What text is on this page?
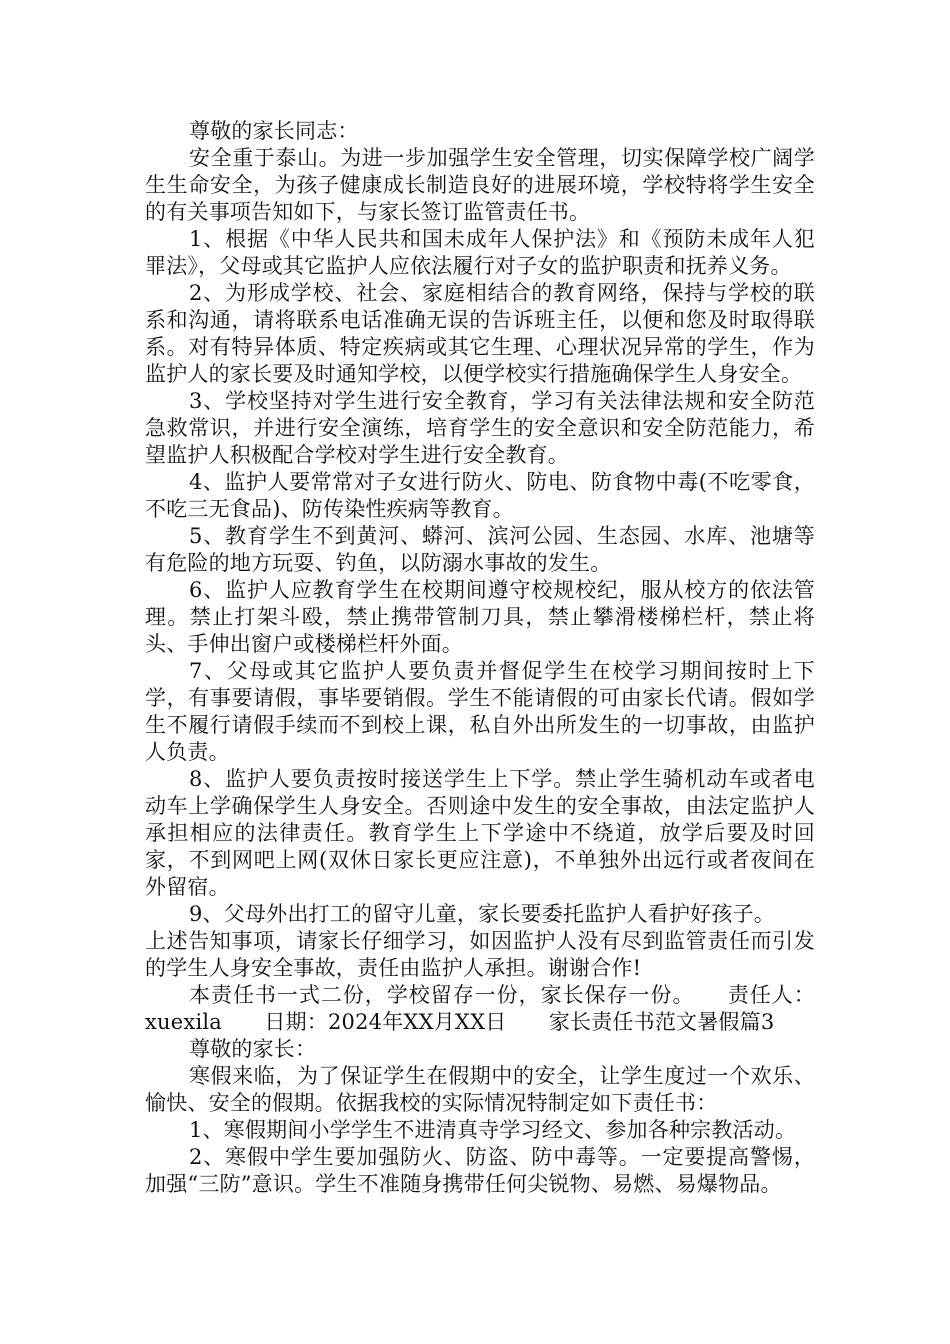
尊敬的家长同志：

安全重于泰山。为进一步加强学生安全管理，切实保障学校广阔学生生命安全，为孩子健康成长制造良好的进展环境，学校特将学生安全的有关事项告知如下，与家长签订监管责任书。

1、根据《中华人民共和国未成年人保护法》和《预防未成年人犯罪法》，父母或其它监护人应依法履行对子女的监护职责和抚养义务。

2、为形成学校、社会、家庭相结合的教育网络，保持与学校的联系和沟通，请将联系电话准确无误的告诉班主任，以便和您及时取得联系。对有特异体质、特定疾病或其它生理、心理状况异常的学生，作为监护人的家长要及时通知学校，以便学校实行措施确保学生人身安全。

3、学校坚持对学生进行安全教育，学习有关法律法规和安全防范急救常识，并进行安全演练，培育学生的安全意识和安全防范能力，希望监护人积极配合学校对学生进行安全教育。

4、监护人要常常对子女进行防火、防电、防食物中毒(不吃零食，不吃三无食品)、防传染性疾病等教育。

5、教育学生不到黄河、蟒河、滨河公园、生态园、水库、池塘等有危险的地方玩耍、钓鱼，以防溺水事故的发生。

6、监护人应教育学生在校期间遵守校规校纪，服从校方的依法管理。禁止打架斗殴，禁止携带管制刀具，禁止攀滑楼梯栏杆，禁止将头、手伸出窗户或楼梯栏杆外面。

7、父母或其它监护人要负责并督促学生在校学习期间按时上下学，有事要请假，事毕要销假。学生不能请假的可由家长代请。假如学生不履行请假手续而不到校上课，私自外出所发生的一切事故，由监护人负责。

8、监护人要负责按时接送学生上下学。禁止学生骑机动车或者电动车上学确保学生人身安全。否则途中发生的安全事故，由法定监护人承担相应的法律责任。教育学生上下学途中不绕道，放学后要及时回家，不到网吧上网(双休日家长更应注意)，不单独外出远行或者夜间在外留宿。

9、父母外出打工的留守儿童，家长要委托监护人看护好孩子。

上述告知事项，请家长仔细学习，如因监护人没有尽到监管责任而引发的学生人身安全事故，责任由监护人承担。谢谢合作!

本责任书一式二份，学校留存一份，家长保存一份。　　责任人：xuexila　　日期：2024年XX月XX日　　家长责任书范文暑假篇3

尊敬的家长：

寒假来临，为了保证学生在假期中的安全，让学生度过一个欢乐、愉快、安全的假期。依据我校的实际情况特制定如下责任书：

1、寒假期间小学学生不进清真寺学习经文、参加各种宗教活动。

2、寒假中学生要加强防火、防盗、防中毒等。一定要提高警惕，加强“三防”意识。学生不准随身携带任何尖锐物、易燃、易爆物品。
